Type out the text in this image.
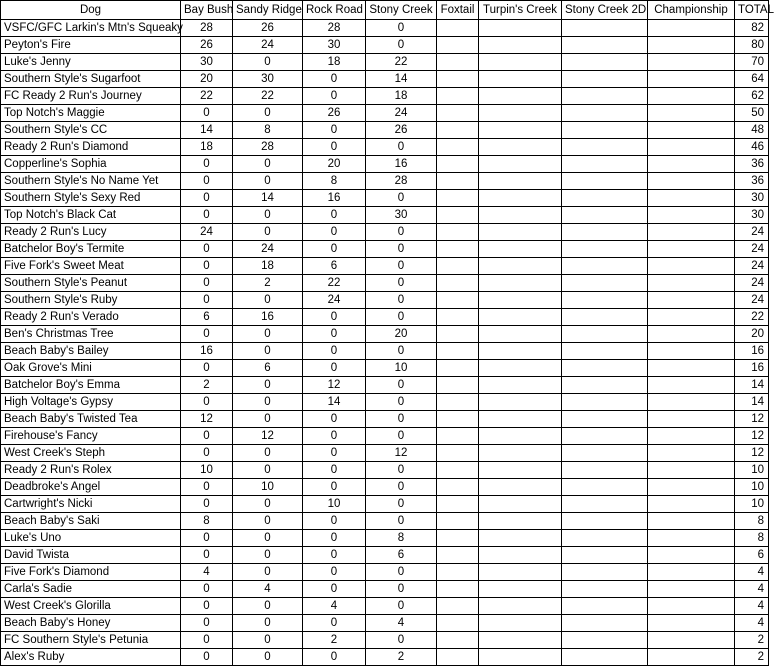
Dog	Bay Bush	Sandy Ridge	Rock Road	Stony Creek	Foxtail	Turpin's Creek	Stony Creek 2D	Championship	TOTAL
VSFC/GFC Larkin's Mtn's Squeaky	28	26	28	0					82
Peyton's Fire	26	24	30	0					80
Luke's Jenny	30	0	18	22					70
Southern Style's Sugarfoot	20	30	0	14					64
FC Ready 2 Run's Journey	22	22	0	18					62
Top Notch's Maggie	0	0	26	24					50
Southern Style's CC	14	8	0	26					48
Ready 2 Run's Diamond	18	28	0	0					46
Copperline's Sophia	0	0	20	16					36
Southern Style's No Name Yet	0	0	8	28					36
Southern Style's Sexy Red	0	14	16	0					30
Top Notch's Black Cat	0	0	0	30					30
Ready 2 Run's Lucy	24	0	0	0					24
Batchelor Boy's Termite	0	24	0	0					24
Five Fork's Sweet Meat	0	18	6	0					24
Southern Style's Peanut	0	2	22	0					24
Southern Style's Ruby	0	0	24	0					24
Ready 2 Run's Verado	6	16	0	0					22
Ben's Christmas Tree	0	0	0	20					20
Beach Baby's Bailey	16	0	0	0					16
Oak Grove's Mini	0	6	0	10					16
Batchelor Boy's Emma	2	0	12	0					14
High Voltage's Gypsy	0	0	14	0					14
Beach Baby's Twisted Tea	12	0	0	0					12
Firehouse's Fancy	0	12	0	0					12
West Creek's Steph	0	0	0	12					12
Ready 2 Run's Rolex	10	0	0	0					10
Deadbroke's Angel	0	10	0	0					10
Cartwright's Nicki	0	0	10	0					10
Beach Baby's Saki	8	0	0	0					8
Luke's Uno	0	0	0	8					8
David Twista	0	0	0	6					6
Five Fork's Diamond	4	0	0	0					4
Carla's Sadie	0	4	0	0					4
West Creek's Glorilla	0	0	4	0					4
Beach Baby's Honey	0	0	0	4					4
FC Southern Style's Petunia	0	0	2	0					2
Alex's Ruby	0	0	0	2					2
